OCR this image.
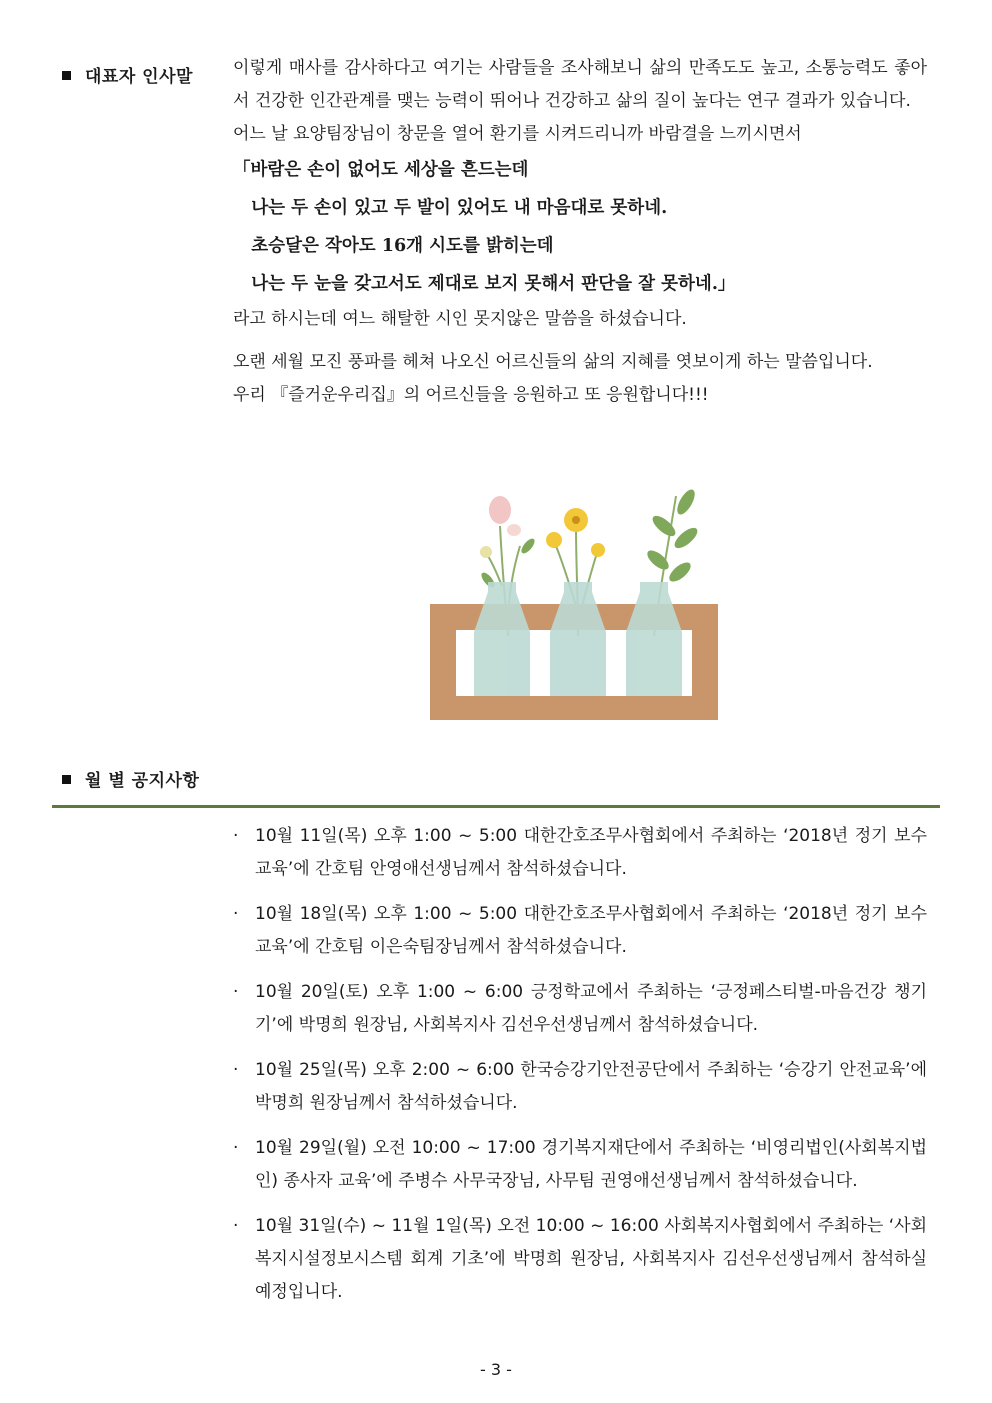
대표자 인사말 이렇게 매사를 감사하다고 여기는 사람들을 조사해보니 삶의 만족도도 높고, 소통능력도 좋아서 건강한 인간관계를 맺는 능력이 뛰어나 건강하고 삶의 질이 높다는 연구 결과가 있습니다.

어느 날 요양팀장님이 창문을 열어 환기를 시켜드리니까 바람결을 느끼시면서

「바람은 손이 없어도 세상을 흔드는데
나는 두 손이 있고 두 발이 있어도 내 마음대로 못하네.
초승달은 작아도 16개 시도를 밝히는데
나는 두 눈을 갖고서도 제대로 보지 못해서 판단을 잘 못하네.」

라고 하시는데 여느 해탈한 시인 못지않은 말씀을 하셨습니다.

오랜 세월 모진 풍파를 헤쳐 나오신 어르신들의 삶의 지혜를 엿보이게 하는 말씀입니다.

우리 『즐거운우리집』의 어르신들을 응원하고 또 응원합니다!!!

월 별 공지사항
· 10월 11일(목) 오후 1:00 ~ 5:00 대한간호조무사협회에서 주최하는 ‘2018년 정기 보수교육’에 간호팀 안영애선생님께서 참석하셨습니다.
· 10월 18일(목) 오후 1:00 ~ 5:00 대한간호조무사협회에서 주최하는 ‘2018년 정기 보수교육’에 간호팀 이은숙팀장님께서 참석하셨습니다.
· 10월 20일(토) 오후 1:00 ~ 6:00 긍정학교에서 주최하는 ‘긍정페스티벌-마음건강 챙기기’에 박명희 원장님, 사회복지사 김선우선생님께서 참석하셨습니다.
· 10월 25일(목) 오후 2:00 ~ 6:00 한국승강기안전공단에서 주최하는 ‘승강기 안전교육’에 박명희 원장님께서 참석하셨습니다.
· 10월 29일(월) 오전 10:00 ~ 17:00 경기복지재단에서 주최하는 ‘비영리법인(사회복지법인) 종사자 교육’에 주병수 사무국장님, 사무팀 권영애선생님께서 참석하셨습니다.
· 10월 31일(수) ~ 11월 1일(목) 오전 10:00 ~ 16:00 사회복지사협회에서 주최하는 ‘사회복지시설정보시스템 회계 기초’에 박명희 원장님, 사회복지사 김선우선생님께서 참석하실 예정입니다.
- 3 -
